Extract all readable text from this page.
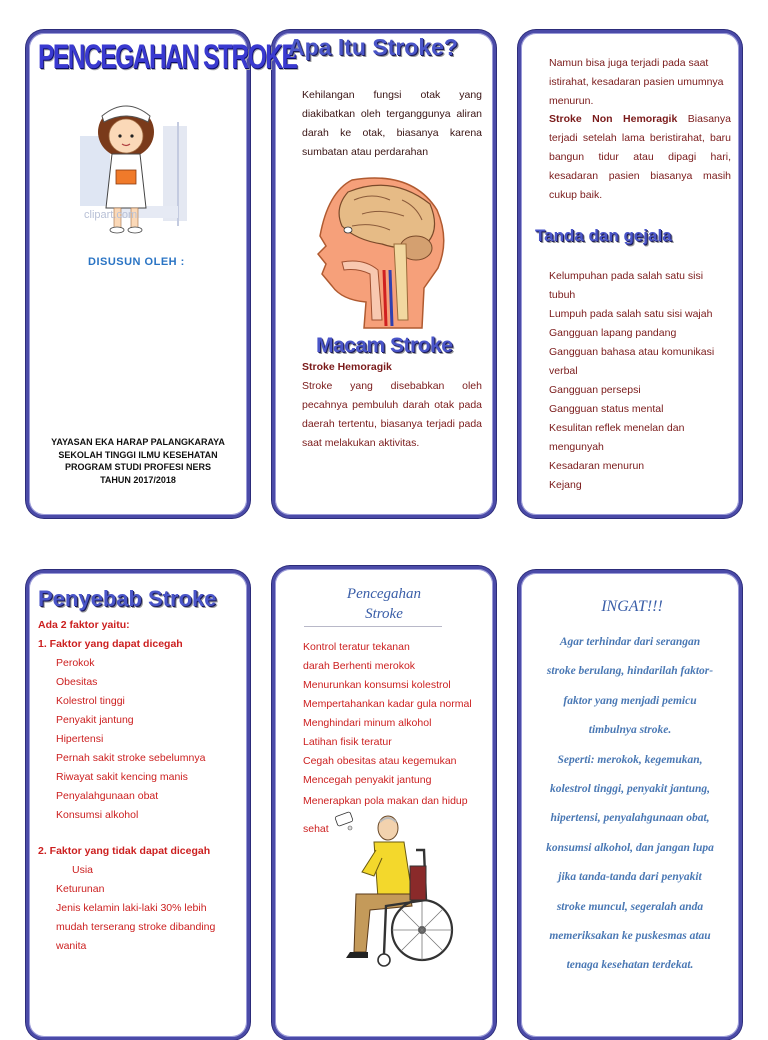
PENCEGAHAN STROKE
clipart.com
DISUSUN OLEH :
YAYASAN EKA HARAP PALANGKARAYA
SEKOLAH TINGGI ILMU KESEHATAN
PROGRAM STUDI PROFESI NERS
TAHUN 2017/2018
Apa Itu Stroke?
Kehilangan fungsi otak yang diakibatkan oleh terganggunya aliran darah ke otak, biasanya karena sumbatan atau perdarahan
Macam Stroke
Stroke Hemoragik
Stroke yang disebabkan oleh pecahnya pembuluh darah otak pada daerah tertentu, biasanya terjadi pada saat melakukan aktivitas.
Namun bisa juga terjadi pada saat istirahat, kesadaran pasien umumnya menurun.
Stroke Non Hemoragik Biasanya terjadi setelah lama beristirahat, baru bangun tidur atau dipagi hari, kesadaran pasien biasanya masih cukup baik.
Tanda dan gejala
Kelumpuhan pada salah satu sisi
tubuh
Lumpuh pada salah satu sisi wajah
Gangguan lapang pandang
Gangguan bahasa atau komunikasi
verbal
Gangguan persepsi
Gangguan status mental
Kesulitan reflek menelan dan
mengunyah
Kesadaran menurun
Kejang
Penyebab Stroke
Ada 2 faktor yaitu:
1. Faktor yang dapat dicegah
Perokok
Obesitas
Kolestrol tinggi
Penyakit jantung
Hipertensi
Pernah sakit stroke sebelumnya
Riwayat sakit kencing manis
Penyalahgunaan obat
Konsumsi alkohol
2. Faktor yang tidak dapat dicegah
Usia
Keturunan
Jenis kelamin laki-laki 30% lebih
mudah terserang stroke dibanding
wanita
Pencegahan
Stroke
Kontrol teratur tekanan
darah Berhenti merokok
Menurunkan konsumsi kolestrol
Mempertahankan kadar gula normal
Menghindari minum alkohol
Latihan fisik teratur
Cegah obesitas atau kegemukan
Mencegah penyakit jantung
Menerapkan pola makan dan hidup
sehat
INGAT!!!
Agar terhindar dari serangan
stroke berulang, hindarilah faktor-
faktor yang menjadi pemicu
timbulnya stroke.
Seperti: merokok, kegemukan,
kolestrol tinggi, penyakit jantung,
hipertensi, penyalahgunaan obat,
konsumsi alkohol, dan jangan lupa
jika tanda-tanda dari penyakit
stroke muncul, segeralah anda
memeriksakan ke puskesmas atau
tenaga kesehatan terdekat.
